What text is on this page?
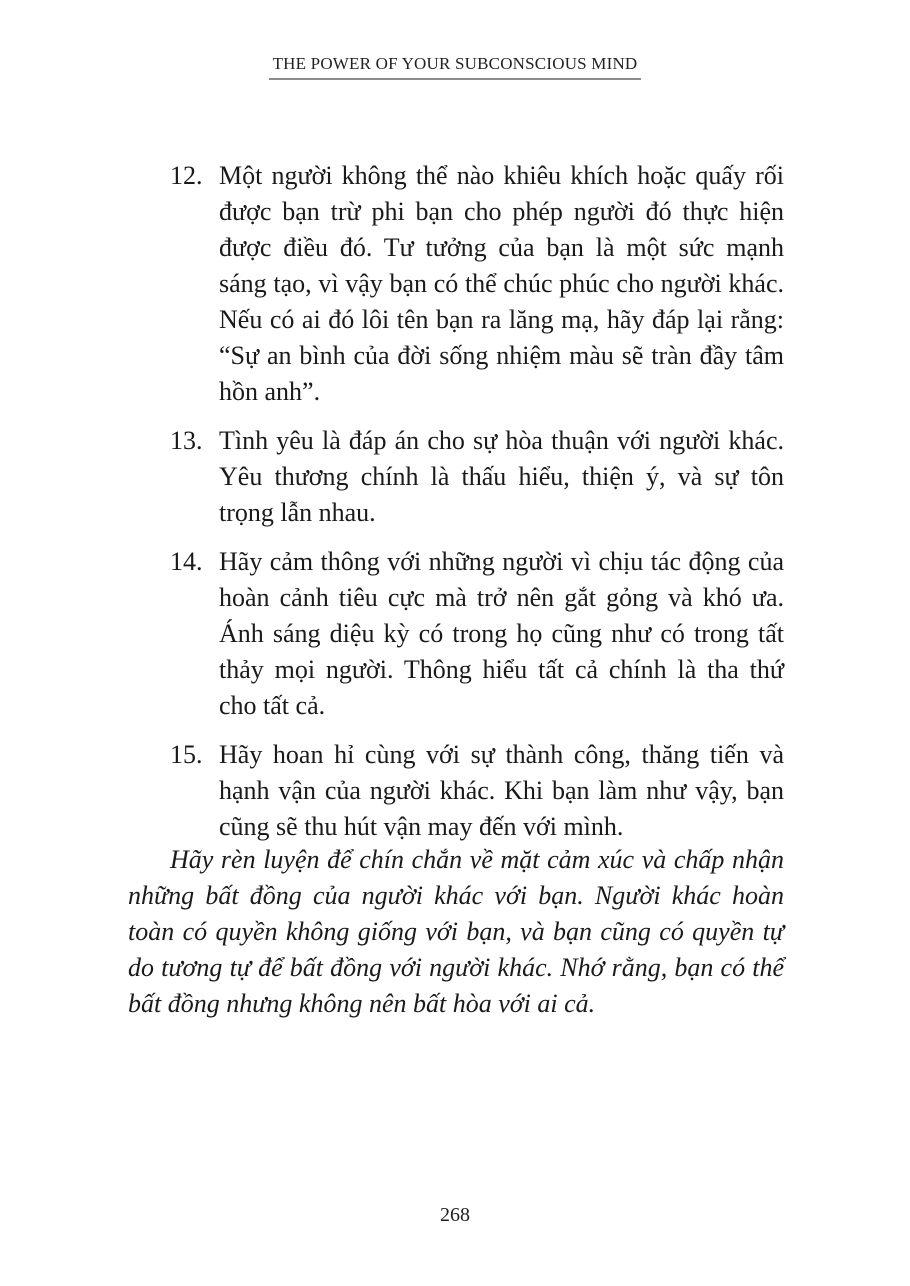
THE POWER OF YOUR SUBCONSCIOUS MIND
12. Một người không thể nào khiêu khích hoặc quấy rối được bạn trừ phi bạn cho phép người đó thực hiện được điều đó. Tư tưởng của bạn là một sức mạnh sáng tạo, vì vậy bạn có thể chúc phúc cho người khác. Nếu có ai đó lôi tên bạn ra lăng mạ, hãy đáp lại rằng: “Sự an bình của đời sống nhiệm màu sẽ tràn đầy tâm hồn anh”.
13. Tình yêu là đáp án cho sự hòa thuận với người khác. Yêu thương chính là thấu hiểu, thiện ý, và sự tôn trọng lẫn nhau.
14. Hãy cảm thông với những người vì chịu tác động của hoàn cảnh tiêu cực mà trở nên gắt gỏng và khó ưa. Ánh sáng diệu kỳ có trong họ cũng như có trong tất thảy mọi người. Thông hiểu tất cả chính là tha thứ cho tất cả.
15. Hãy hoan hỉ cùng với sự thành công, thăng tiến và hạnh vận của người khác. Khi bạn làm như vậy, bạn cũng sẽ thu hút vận may đến với mình.

Hãy rèn luyện để chín chắn về mặt cảm xúc và chấp nhận những bất đồng của người khác với bạn. Người khác hoàn toàn có quyền không giống với bạn, và bạn cũng có quyền tự do tương tự để bất đồng với người khác. Nhớ rằng, bạn có thể bất đồng nhưng không nên bất hòa với ai cả.

268
